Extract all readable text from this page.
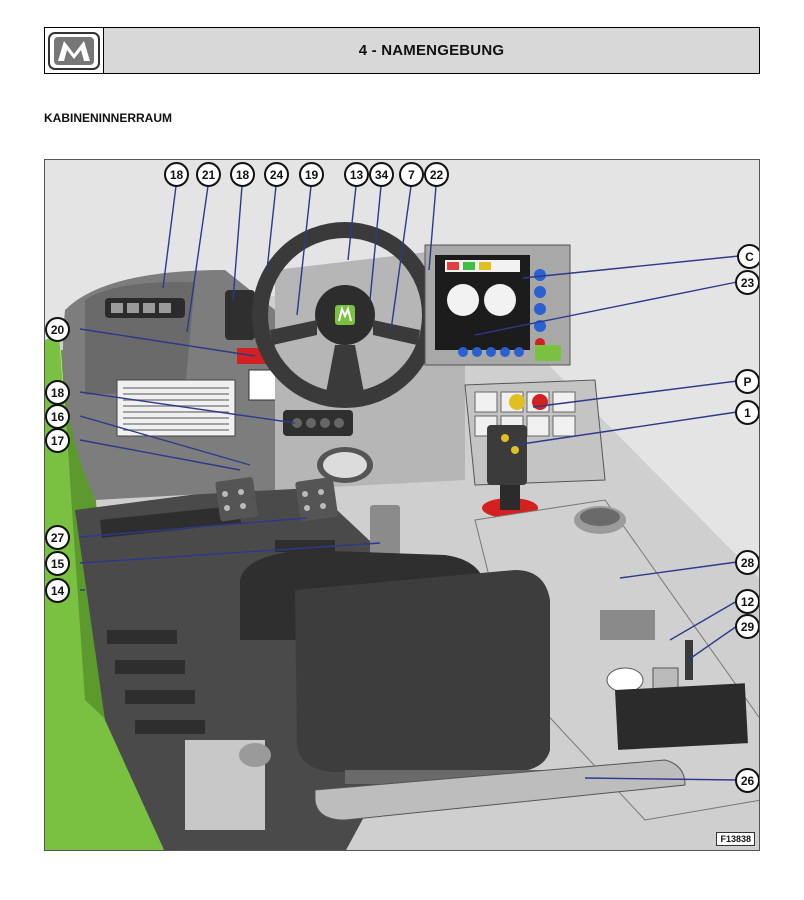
4 - NAMENGEBUNG
KABINENINNERRAUM
18	21	18	24	19	13 34	7	22
C
23
20
18
16
17
P
1
27
15
14
28
12
29
26
F13838
